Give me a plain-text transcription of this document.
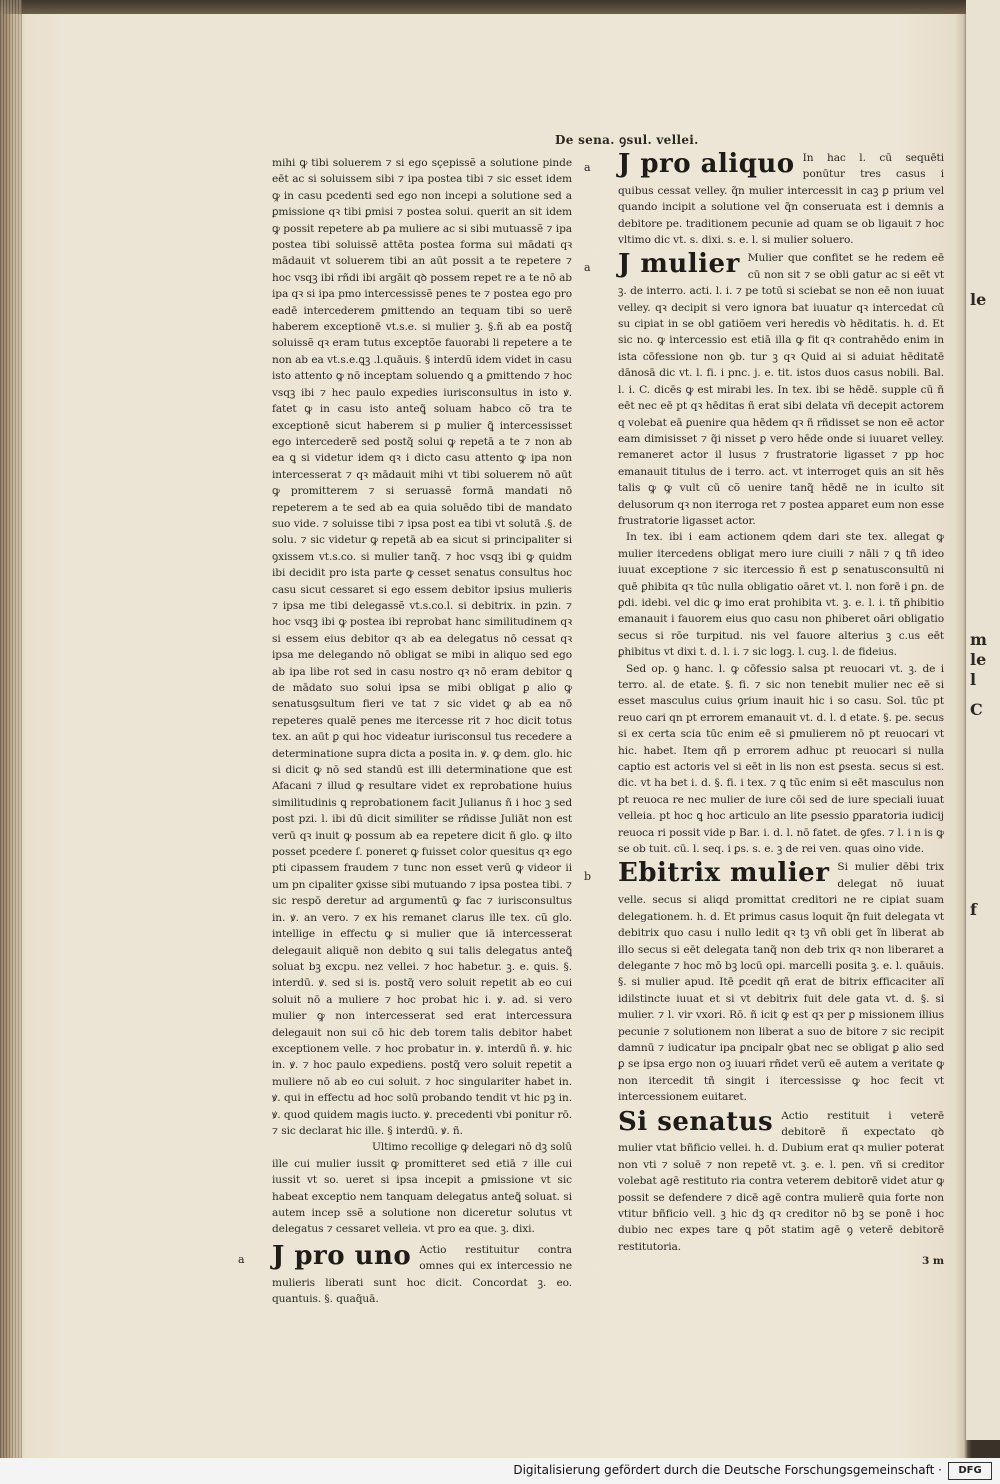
le
m
le
l
C
f
De sena. ꝯsul. vellei.

mihi ꝙ tibi soluerem ⁊ si ego sçepissẽ a solutione pinde eēt ac si soluissem sibi ⁊ ipa postea tibi ⁊ sic esset idem ꝙ in casu pcedenti sed ego non incepi a solutione sed a ꝑmissione qꝛ tibi ꝑmisi ⁊ postea solui. querit an sit idem ꝙ possit repetere ab ꝑa muliere ac si sibi mutuassẽ ⁊ ipa postea tibi soluissẽ attēta postea forma sui mādati qꝛ mādauit vt soluerem tibi an aūt possit a te repetere ⁊ hoc vsqꝫ ibi rñdi ibi argāit qꝺ possem repet re a te nō ab ipa qꝛ si ipa pmo intercessissẽ penes te ⁊ postea ego pro eadē intercederem ꝑmittendo an tequam tibi so uerē haberem exceptionē vt.s.e. si mulier ꝫ. §.ñ ab ea postq̃ soluissẽ qꝛ eram tutus exceptõe fauorabi li repetere a te non ab ea vt.s.e.ꝗꝫ .l.quāuis. § interdũ idem videt in casu isto attento ꝙ nō inceptam soluendo ꝗ a ꝑmittendo ⁊ hoc vsqꝫ ibi ⁊ hec paulo expedies iurisconsultus in isto ꝟ. fatet ꝙ in casu isto anteꝗ̃ soluam habco cõ tra te exceptionē sicut haberem si ꝑ mulier ꝗ̃ intercessisset ego intercederē sed postq̃ solui ꝙ repetā a te ⁊ non ab ea ꝗ si videtur idem qꝛ i dicto casu attento ꝙ ipa non intercesserat ⁊ qꝛ mādauit mihi vt tibi soluerem nō aūt ꝙ promitterem ⁊ si seruassẽ formā mandati nō repeterem a te sed ab ea quia soluēdo tibi de mandato suo vide. ⁊ soluisse tibi ⁊ ipsa post ea tibi vt solutā .§. de solu. ⁊ sic videtur ꝙ repetā ab ea sicut si principaliter si ꝯxissem vt.s.co. si mulier tanq̃. ⁊ hoc vsqꝫ ibi ꝙ quidm ibi decidit pro ista parte ꝙ cesset senatus consultus hoc casu sicut cessaret si ego essem debitor ipsius mulieris ⁊ ipsa me tibi delegassẽ vt.s.co.l. si debitrix. in pzin. ⁊ hoc vsqꝫ ibi ꝙ postea ibi reprobat hanc similitudinem qꝛ si essem eius debitor qꝛ ab ea delegatus nō cessat qꝛ ipsa me delegando nō obligat se mibi in aliquo sed ego ab ipa libe rot sed in casu nostro qꝛ nō eram debitor ꝗ de mādato suo solui ipsa se mibi obligat ꝑ alio ꝙ senatusꝯsultum fieri ve tat ⁊ sic videt ꝙ ab ea nō repeteres qualẽ penes me itercesse rit ⁊ hoc dicit totus tex. an aūt ꝑ qui hoc videatur iurisconsul tus recedere a determinatione supra dicta a posita in. ꝟ. ꝙ dem. glo. hic si dicit ꝙ nō sed standū est illi determinatione que est Afacani ⁊ illud ꝙ resultare videt ex reprobatione huius similitudinis ꝗ reprobationem facit Julianus ñ i hoc ꝫ sed post pzi. l. ibi dū dicit similiter se rñdisse Juliāt non est verū qꝛ inuit ꝙ possum ab ea repetere dicit ñ glo. ꝙ ilto posset pcedere ſ. poneret ꝙ fuisset color quesitus qꝛ ego pti cipassem fraudem ⁊ tunc non esset verū ꝙ videor ii um pn cipaliter ꝯxisse sibi mutuando ⁊ ipsa postea tibi. ⁊ sic respō deretur ad argumentū ꝙ fac ⁊ iurisconsultus in. ꝟ. an vero. ⁊ ex his remanet clarus ille tex. cũ glo. intellige in effectu ꝙ si mulier que iā intercesserat delegauit aliquē non debito ꝗ sui talis delegatus anteꝗ̃ soluat bꝫ excpu. nez vellei. ⁊ hoc habetur. ꝫ. e. ꝗuis. §. interdū. ꝟ. sed si is. postq̃ vero soluit repetit ab eo cui soluit nō a muliere ⁊ hoc probat hic i. ꝟ. ad. si vero mulier ꝙ non intercesserat sed erat intercessura delegauit non sui cō hic deb torem talis debitor habet exceptionem velle. ⁊ hoc probatur in. ꝟ. interdū ñ. ꝟ. hic in. ꝟ. ⁊ hoc paulo expediens. postq̃ vero soluit repetit a muliere nō ab eo cui soluit. ⁊ hoc singulariter habet in. ꝟ. qui in effectu ad hoc solū probando tendit vt hic pꝫ in. ꝟ. quod quidem magis iucto. ꝟ. precedenti vbi ponitur rō. ⁊ sic declarat hic ille. § interdū. ꝟ. ñ.

Ultimo recollige ꝙ delegari nō dꝫ solū ille cui mulier iussit ꝙ promitteret sed etiā ⁊ ille cui iussit vt so. ueret si ipsa incepit a ꝑmissione vt sic habeat exceptio nem tanquam delegatus anteꝗ̃ soluat. si autem incep ssẽ a solutione non diceretur solutus vt delegatus ⁊ cessaret velleia. vt pro ea que. ꝫ. dixi.

a J pro uno Actio restituitur contra omnes qui ex intercessio ne mulieris liberati sunt hoc dicit. Concordat ꝫ. eo. quantuis. §. quaq̃uā.
a J pro aliquo In hac l. cū sequēti ponūtur tres casus i quibus cessat velley. q̃n mulier intercessit in caꝫ ꝑ prium vel quando incipit a solutione vel q̃n conseruata est i demnis a debitore pe. traditionem pecunie ad quam se ob ligauit ⁊ hoc vltimo dic vt. s. dixi. s. e. l. si mulier soluero.
a J mulier Mulier que confitet se he redem eē cū non sit ⁊ se obli gatur ac si eēt vt ꝫ. de interro. acti. l. i. ⁊ pe totū si sciebat se non eē non iuuat velley. qꝛ decipit si vero ignora bat iuuatur qꝛ intercedat cū su cipiat in se obl gatiõem veri heredis vꝺ hēditatis. h. d. Et sic no. ꝙ intercessio est etiā illa ꝙ fit qꝛ contrahēdo enim in ista cōfessione non ꝯb. tur ꝫ qꝛ Quid ai si aduiat hēditatē dānosā dic vt. l. fi. i pnc. j. e. tit. istos duos casus nobili. Bal. l. i. C. dicēs ꝙ est mirabi les. In tex. ibi se hēdē. supple cū ñ eēt nec eē pt qꝛ hēditas ñ erat sibi delata vñ decepit actorem q volebat eā ꝑuenire qua hēdem qꝛ ñ rñdisset se non eē actor eam dimisisset ⁊ q̃i nisset ꝑ vero hēde onde si iuuaret velley. remaneret actor il lusus ⁊ frustratorie ligasset ⁊ pp hoc emanauit titulus de i terro. act. vt interroget quis an sit hēs talis ꝙ ꝙ vult cū cõ uenire tanq̃ hēdē ne in iculto sit delusorum qꝛ non iterroga ret ⁊ postea apparet eum non esse frustratorie ligasset actor.

In tex. ibi i eam actionem qdem dari ste tex. allegat ꝙ mulier itercedens obligat mero iure ciuili ⁊ nāli ⁊ ꝗ tñ ideo iuuat exceptione ⁊ sic itercessio ñ est ꝑ senatusconsultū ni quē ꝑhibita qꝛ tūc nulla obligatio oāret vt. l. non forē i ꝑn. de ꝑdi. idebi. vel dic ꝙ imo erat prohibita vt. ꝫ. e. l. i. tñ ꝑhibitio emanauit i fauorem eius quo casu non ꝑhiberet oāri obligatio secus si rōe turpitud. nis vel fauore alterius ꝫ c.us eēt ꝑhibitus vt dixi t. d. l. i. ⁊ sic logꝫ. l. cuꝫ. l. de fideius.

Sed op. ꝯ hanc. l. ꝙ cōfessio salsa pt reuocari vt. ꝫ. de i terro. al. de etate. §. fi. ⁊ sic non tenebit mulier nec eē si esset masculus cuius ꝯrium inauit hic i so casu. Sol. tūc pt reuo cari qn pt errorem emanauit vt. d. l. d etate. §. pe. secus si ex certa scia tūc enim eē si ꝑmulierem nō pt reuocari vt hic. habet. Item qñ p errorem adhuc pt reuocari si nulla captio est actoris vel si eēt in lis non est ꝑsesta. secus si est. dic. vt ha bet i. d. §. fi. i tex. ⁊ ꝗ tūc enim si eēt masculus non pt reuoca re nec mulier de iure cōi sed de iure speciali iuuat velleia. pt hoc ꝗ hoc articulo an lite ꝑsessio ꝑparatoria iudicij reuoca ri possit vide p Bar. i. d. l. nō fatet. de ꝯfes. ⁊ l. i n is ꝙ se ob tuit. cū. l. seq. i ꝑs. s. e. ꝫ de rei ven. quas oino vide.

b Ebitrix mulier Si mulier dēbi trix delegat nō iuuat velle. secus si aliqd promittat creditori ne re cipiat suam delegationem. h. d. Et primus casus loquit q̃n fuit delegata vt debitrix quo casu i nullo ledit qꝛ tꝫ vñ obli get ĩn liberat ab illo secus si eēt delegata tanq̃ non deb trix qꝛ non liberaret a delegante ⁊ hoc mō bꝫ locū opi. marcelli posita ꝫ. e. l. quāuis. §. si mulier apud. Itē ꝑcedit qñ erat de bitrix efficaciter alī idilstincte iuuat et si vt debitrix fuit dele gata vt. d. §. si mulier. ⁊ l. vir vxori. Rō. ñ icit ꝙ est qꝛ per ꝑ missionem illius pecunie ⁊ solutionem non liberat a suo de bitore ⁊ sic recipit damnū ⁊ iudicatur ipa ꝑncipalr ꝯbat nec se obligat ꝑ alio sed ꝑ se ipsa ergo non oꝫ iuuari rñdet verū eē autem a veritate ꝙ non itercedit tñ singit i itercessisse ꝙ hoc fecit vt intercessionem euitaret.
Si senatus Actio restituit i veterē debitorē ñ expectato qꝺ mulier vtat bñficio vellei. h. d. Dubium erat qꝛ mulier poterat non vti ⁊ soluē ⁊ non repetē vt. ꝫ. e. l. pen. vñ si creditor volebat agē restituto ria contra veterem debitorē videt atur ꝙ possit se defendere ⁊ dicē agē contra mulierē quia forte non vtitur bñficio vell. ꝫ hic dꝫ qꝛ creditor nō bꝫ se ponē i hoc dubio nec expes tare ꝗ pōt statim agē ꝯ veterē debitorē restitutoria.
3 m
Digitalisierung gefördert durch die Deutsche Forschungsgemeinschaft ·	DFG
